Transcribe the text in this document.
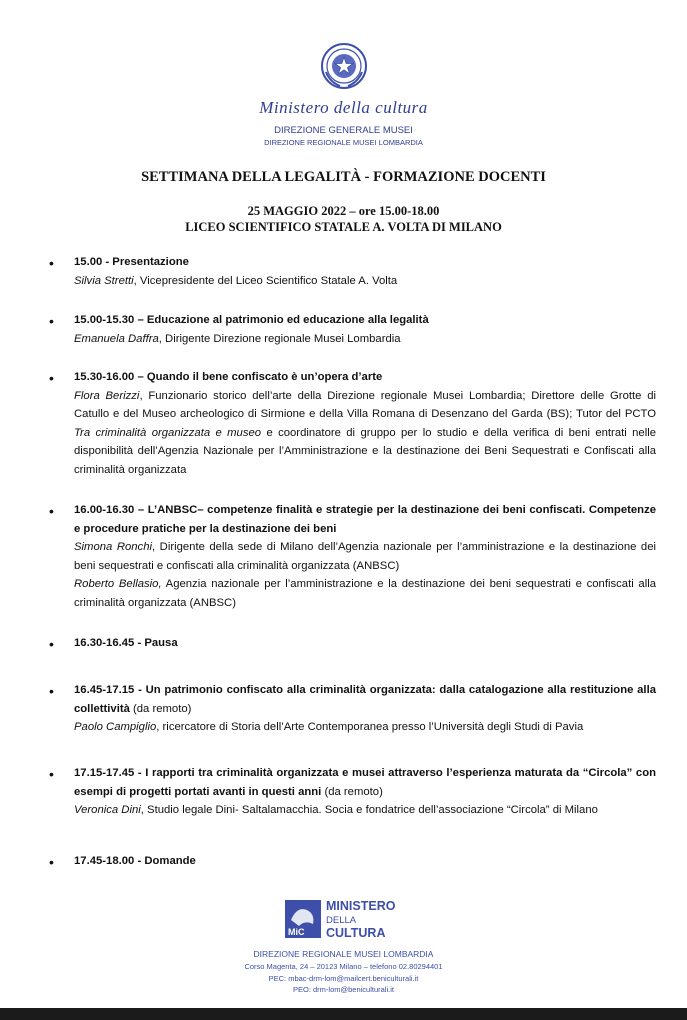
Ministero della cultura
DIREZIONE GENERALE MUSEI
DIREZIONE REGIONALE MUSEI LOMBARDIA
SETTIMANA DELLA LEGALITÀ - FORMAZIONE DOCENTI
25 MAGGIO 2022 – ore 15.00-18.00
LICEO SCIENTIFICO STATALE A. VOLTA DI MILANO
• 15.00 - Presentazione
Silvia Stretti, Vicepresidente del Liceo Scientifico Statale A. Volta
• 15.00-15.30 – Educazione al patrimonio ed educazione alla legalità
Emanuela Daffra, Dirigente Direzione regionale Musei Lombardia
• 15.30-16.00 – Quando il bene confiscato è un’opera d’arte
Flora Berizzi, Funzionario storico dell’arte della Direzione regionale Musei Lombardia; Direttore delle Grotte di Catullo e del Museo archeologico di Sirmione e della Villa Romana di Desenzano del Garda (BS); Tutor del PCTO Tra criminalità organizzata e museo e coordinatore di gruppo per lo studio e della verifica di beni entrati nelle disponibilità dell’Agenzia Nazionale per l’Amministrazione e la destinazione dei Beni Sequestrati e Confiscati alla criminalità organizzata
• 16.00-16.30 – L’ANBSC– competenze finalità e strategie per la destinazione dei beni confiscati. Competenze e procedure pratiche per la destinazione dei beni
Simona Ronchi, Dirigente della sede di Milano dell’Agenzia nazionale per l’amministrazione e la destinazione dei beni sequestrati e confiscati alla criminalità organizzata (ANBSC)
Roberto Bellasio, Agenzia nazionale per l’amministrazione e la destinazione dei beni sequestrati e confiscati alla criminalità organizzata (ANBSC)
• 16.30-16.45 - Pausa
• 16.45-17.15 - Un patrimonio confiscato alla criminalità organizzata: dalla catalogazione alla restituzione alla collettività (da remoto)
Paolo Campiglio, ricercatore di Storia dell’Arte Contemporanea presso l’Università degli Studi di Pavia
• 17.15-17.45 - I rapporti tra criminalità organizzata e musei attraverso l’esperienza maturata da “Circola” con esempi di progetti portati avanti in questi anni (da remoto)
Veronica Dini, Studio legale Dini- Saltalamacchia. Socia e fondatrice dell’associazione “Circola” di Milano
• 17.45-18.00 - Domande
MiC
MINISTERO
DELLA
CULTURA
DIREZIONE REGIONALE MUSEI LOMBARDIA
Corso Magenta, 24 – 20123 Milano – telefono 02.80294401
PEC: mbac-drm-lom@mailcert.beniculturali.it
PEO: drm-lom@beniculturali.it
